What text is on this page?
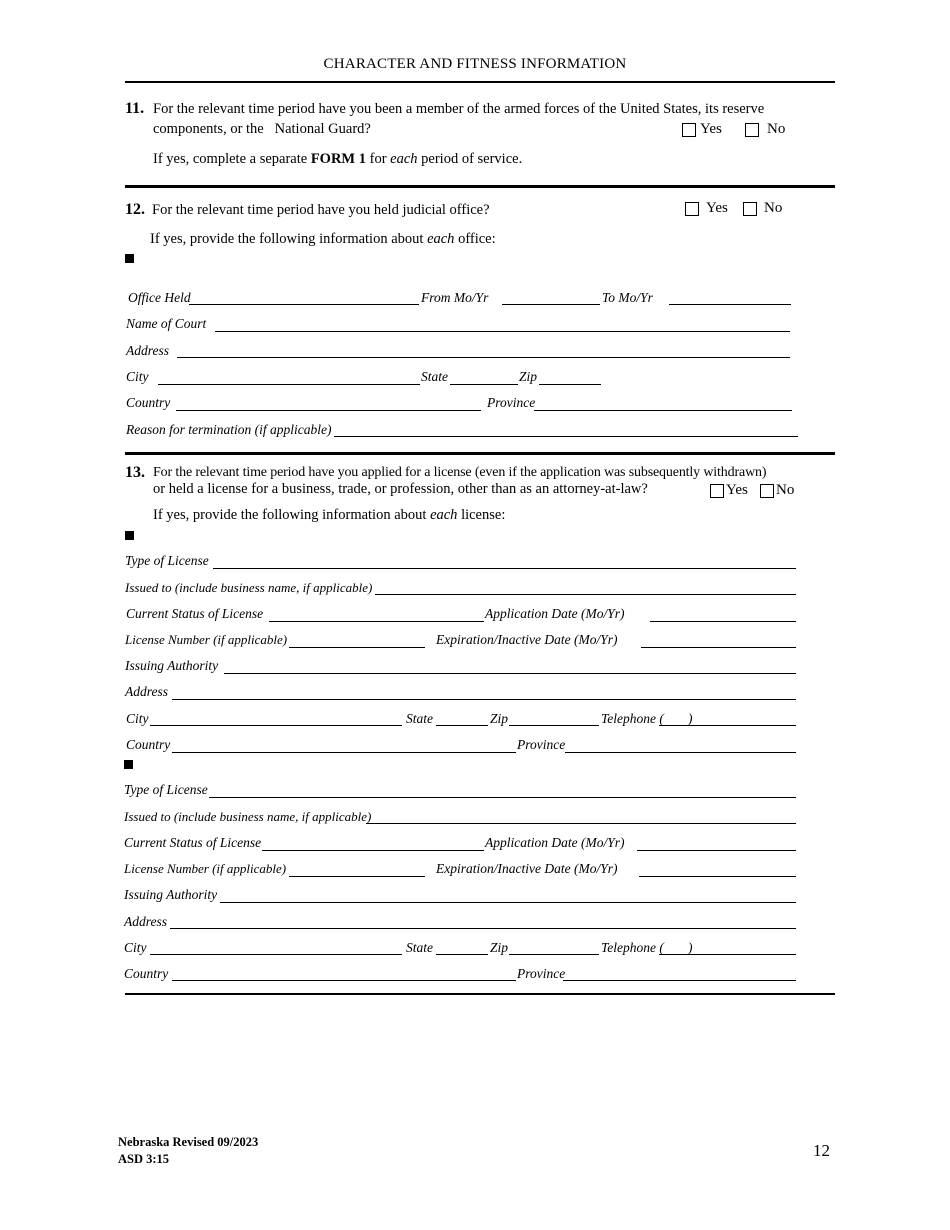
CHARACTER AND FITNESS INFORMATION
11. For the relevant time period have you been a member of the armed forces of the United States, its reserve
components, or the   National Guard?	Yes	No
If yes, complete a separate FORM 1 for each period of service.
12. For the relevant time period have you held judicial office?	Yes No
If yes, provide the following information about each office:
Office Held	From Mo/Yr	To Mo/Yr
Name of Court
Address
City	State	Zip
Country	Province
Reason for termination (if applicable)
13. For the relevant time period have you applied for a license (even if the application was subsequently withdrawn)
or held a license for a business, trade, or profession, other than as an attorney-at-law?	Yes No
If yes, provide the following information about each license:
Type of License
Issued to (include business name, if applicable)
Current Status of License	Application Date (Mo/Yr)
License Number (if applicable)	Expiration/Inactive Date (Mo/Yr)
Issuing Authority
Address
City	State	Zip	Telephone ( )
Country	Province
Type of License
Issued to (include business name, if applicable)
Current Status of License	Application Date (Mo/Yr)
License Number (if applicable)	Expiration/Inactive Date (Mo/Yr)
Issuing Authority
Address
City	State	Zip	Telephone ( )
Country	Province
Nebraska Revised 09/2023
ASD 3:15	12
